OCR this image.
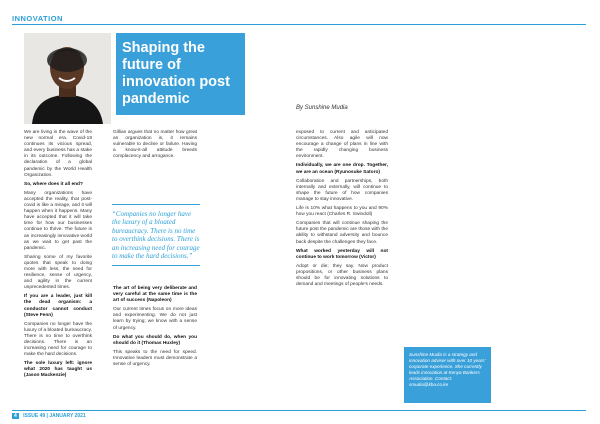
INNOVATION
Shaping the future of innovation post pandemic
By Sunshine Mudia

We are living in the wave of the new normal era. Covid-19 continues its vicious spread, and every business has a stake in its outcome. Following the declaration of a global pandemic by the World Health Organization.

So, where does it all end?

Many organizations have accepted the reality, that post-covid is like a mirage, and it will happen when it happens. Many have accepted that it will take time for how our businesses continue to thrive. The future is an increasingly innovative world as we wait to get past the pandemic.

Sharing some of my favorite quotes that speak to doing more with less, the need for resilience, sense of urgency, and agility in the current unprecedented times.

If you are a leader, just kill the dead organism: a conductor cannot conduct (Steve Fenn)

Companies no longer have the luxury of a bloated bureaucracy. There is no time to overthink decisions. There is an increasing need for courage to make the hard decisions.

The sole luxury left: ignore what 2020 has taught us (Jason Mackenzie)

Gillian argues that no matter how great an organization is, it remains vulnerable to decline or failure. Having a know-it-all attitude breeds complacency and arrogance.

“Companies no longer have the luxury of a bloated bureaucracy. There is no time to overthink decisions. There is an increasing need for courage to make the hard decisions.”

The art of being very deliberate and very careful at the same time is the art of success (Napoleon)

Our current times focus on more ideas and experimenting. We do not just learn by trying; we know with a sense of urgency.

Do what you should do, when you should do it (Thomas Huxley)

This speaks to the need for speed. Innovative leaders must demonstrate a sense of urgency.

exposed to current and anticipated circumstances. Also agile will now encourage a change of plans in line with the rapidly changing business environment.

Individually, we are one drop. Together, we are an ocean (Ryunosuke Satoro)

Collaboration and partnerships, both internally and externally, will continue to shape the future of how companies manage to stay innovative.

Life is 10% what happens to you and 90% how you react (Charles R. Swindoll)

Companies that will continue shaping the future post the pandemic are those with the ability to withstand adversity and bounce back despite the challenges they face.

What worked yesterday will not continue to work tomorrow (Victor)

Adopt or die; they say. Now product propositions, or other business plans should be for innovating solutions to demand and meetings of people's needs.

Sunshine Mudia is a strategy and innovation adviser with over 10 years' corporate experience. She currently leads innovation at Kenya Bankers Association. Contact: smudia@kba.co.ke
4 ISSUE 49 | JANUARY 2021
